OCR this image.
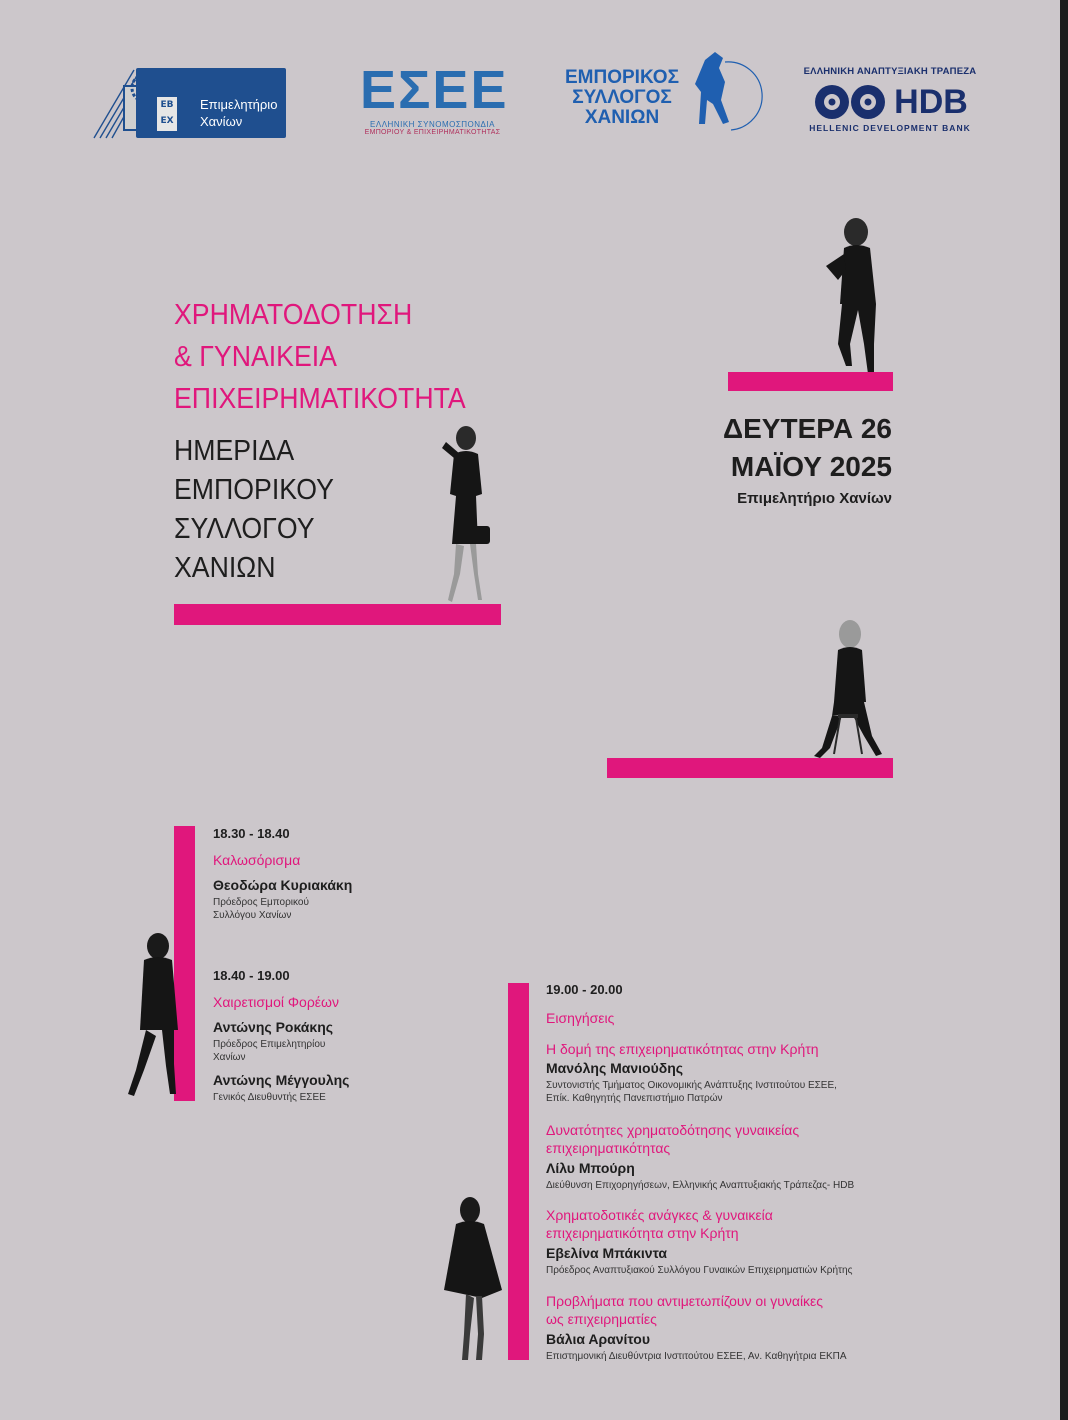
ΕΒ
ΕΧ
Επιμελητήριο
Χανίων
ΕΣΕΕ
ΕΛΛΗΝΙΚΗ ΣΥΝΟΜΟΣΠΟΝΔΙΑ
ΕΜΠΟΡΙΟΥ & ΕΠΙΧΕΙΡΗΜΑΤΙΚΟΤΗΤΑΣ
ΕΜΠΟΡΙΚΟΣ
ΣΥΛΛΟΓΟΣ
ΧΑΝΙΩΝ
ΕΛΛΗΝΙΚΗ ΑΝΑΠΤΥΞΙΑΚΗ ΤΡΑΠΕΖΑ
HDB
HELLENIC DEVELOPMENT BANK
ΧΡΗΜΑΤΟΔΟΤΗΣΗ
& ΓΥΝΑΙΚΕΙΑ
ΕΠΙΧΕΙΡΗΜΑΤΙΚΟΤΗΤΑ
ΗΜΕΡΙΔΑ
ΕΜΠΟΡΙΚΟΥ
ΣΥΛΛΟΓΟΥ
ΧΑΝΙΩΝ
ΔΕΥΤΕΡΑ 26
ΜΑΪΟΥ 2025
Επιμελητήριο Χανίων
18.30 - 18.40
Καλωσόρισμα
Θεοδώρα Κυριακάκη
Πρόεδρος Εμπορικού
Συλλόγου Χανίων
18.40 - 19.00
Χαιρετισμοί Φορέων
Αντώνης Ροκάκης
Πρόεδρος Επιμελητηρίου
Χανίων
Αντώνης Μέγγουλης
Γενικός Διευθυντής ΕΣΕΕ
19.00 - 20.00
Εισηγήσεις
Η δομή της επιχειρηματικότητας στην Κρήτη
Μανόλης Μανιούδης
Συντονιστής Τμήματος Οικονομικής Ανάπτυξης Ινστιτούτου ΕΣΕΕ,
Επίκ. Καθηγητής Πανεπιστήμιο Πατρών
Δυνατότητες χρηματοδότησης γυναικείας
επιχειρηματικότητας
Λίλυ Μπούρη
Διεύθυνση Επιχορηγήσεων, Ελληνικής Αναπτυξιακής Τράπεζας- HDB
Χρηματοδοτικές ανάγκες & γυναικεία
επιχειρηματικότητα στην Κρήτη
Εβελίνα Μπάκιντα
Πρόεδρος Αναπτυξιακού Συλλόγου Γυναικών Επιχειρηματιών Κρήτης
Προβλήματα που αντιμετωπίζουν οι γυναίκες
ως επιχειρηματίες
Βάλια Αρανίτου
Επιστημονική Διευθύντρια Ινστιτούτου ΕΣΕΕ, Αν. Καθηγήτρια ΕΚΠΑ
